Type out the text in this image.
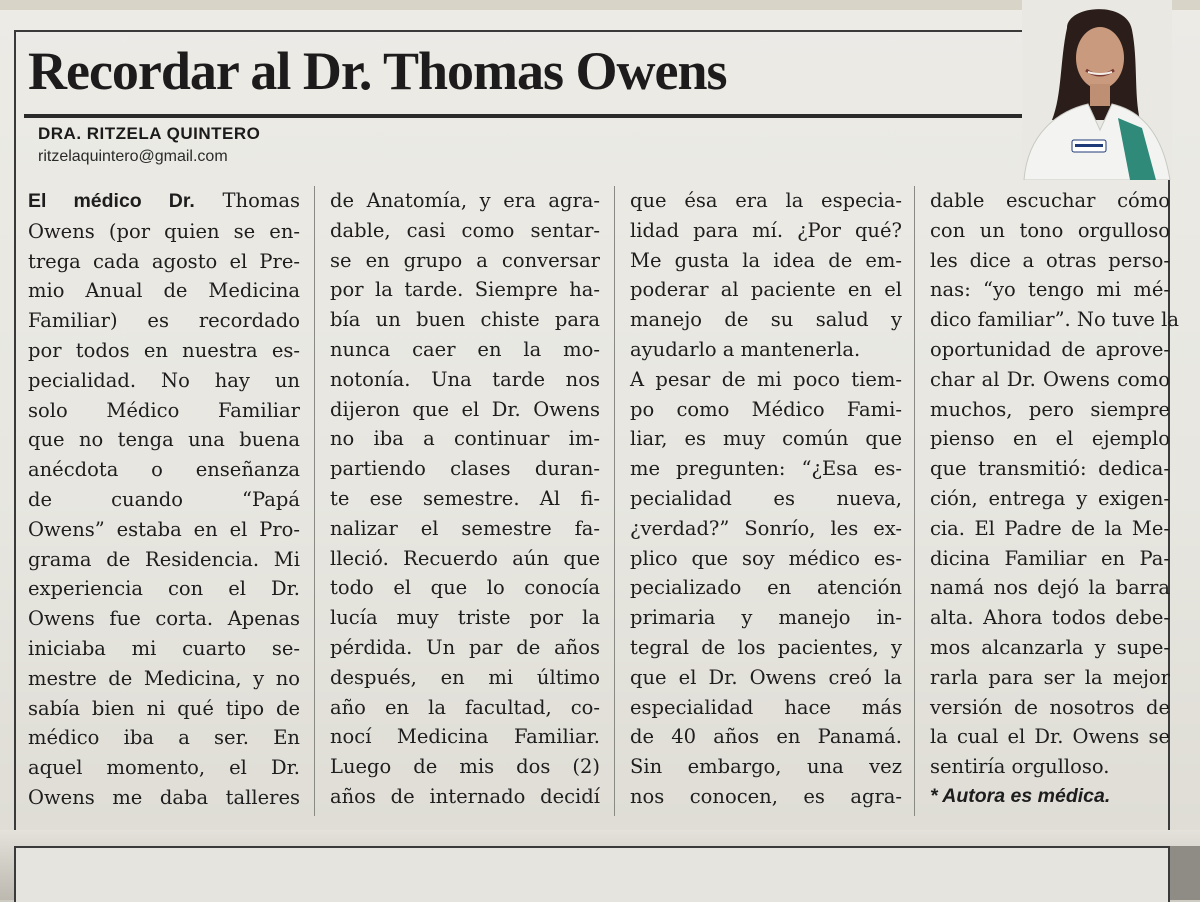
Recordar al Dr. Thomas Owens
DRA. RITZELA QUINTERO
ritzelaquintero@gmail.com
El médico Dr. Thomas
Owens (por quien se en-
trega cada agosto el Pre-
mio Anual de Medicina
Familiar) es recordado
por todos en nuestra es-
pecialidad. No hay un
solo Médico Familiar
que no tenga una buena
anécdota o enseñanza
de cuando “Papá
Owens” estaba en el Pro-
grama de Residencia. Mi
experiencia con el Dr.
Owens fue corta. Apenas
iniciaba mi cuarto se-
mestre de Medicina, y no
sabía bien ni qué tipo de
médico iba a ser. En
aquel momento, el Dr.
Owens me daba talleres
de Anatomía, y era agra-
dable, casi como sentar-
se en grupo a conversar
por la tarde. Siempre ha-
bía un buen chiste para
nunca caer en la mo-
notonía. Una tarde nos
dijeron que el Dr. Owens
no iba a continuar im-
partiendo clases duran-
te ese semestre. Al fi-
nalizar el semestre fa-
lleció. Recuerdo aún que
todo el que lo conocía
lucía muy triste por la
pérdida. Un par de años
después, en mi último
año en la facultad, co-
nocí Medicina Familiar.
Luego de mis dos (2)
años de internado decidí
que ésa era la especia-
lidad para mí. ¿Por qué?
Me gusta la idea de em-
poderar al paciente en el
manejo de su salud y
ayudarlo a mantenerla.
A pesar de mi poco tiem-
po como Médico Fami-
liar, es muy común que
me pregunten: “¿Esa es-
pecialidad es nueva,
¿verdad?” Sonrío, les ex-
plico que soy médico es-
pecializado en atención
primaria y manejo in-
tegral de los pacientes, y
que el Dr. Owens creó la
especialidad hace más
de 40 años en Panamá.
Sin embargo, una vez
nos conocen, es agra-
dable escuchar cómo
con un tono orgulloso
les dice a otras perso-
nas: “yo tengo mi mé-
dico familiar”. No tuve la
oportunidad de aprove-
char al Dr. Owens como
muchos, pero siempre
pienso en el ejemplo
que transmitió: dedica-
ción, entrega y exigen-
cia. El Padre de la Me-
dicina Familiar en Pa-
namá nos dejó la barra
alta. Ahora todos debe-
mos alcanzarla y supe-
rarla para ser la mejor
versión de nosotros de
la cual el Dr. Owens se
sentiría orgulloso.
* Autora es médica.
